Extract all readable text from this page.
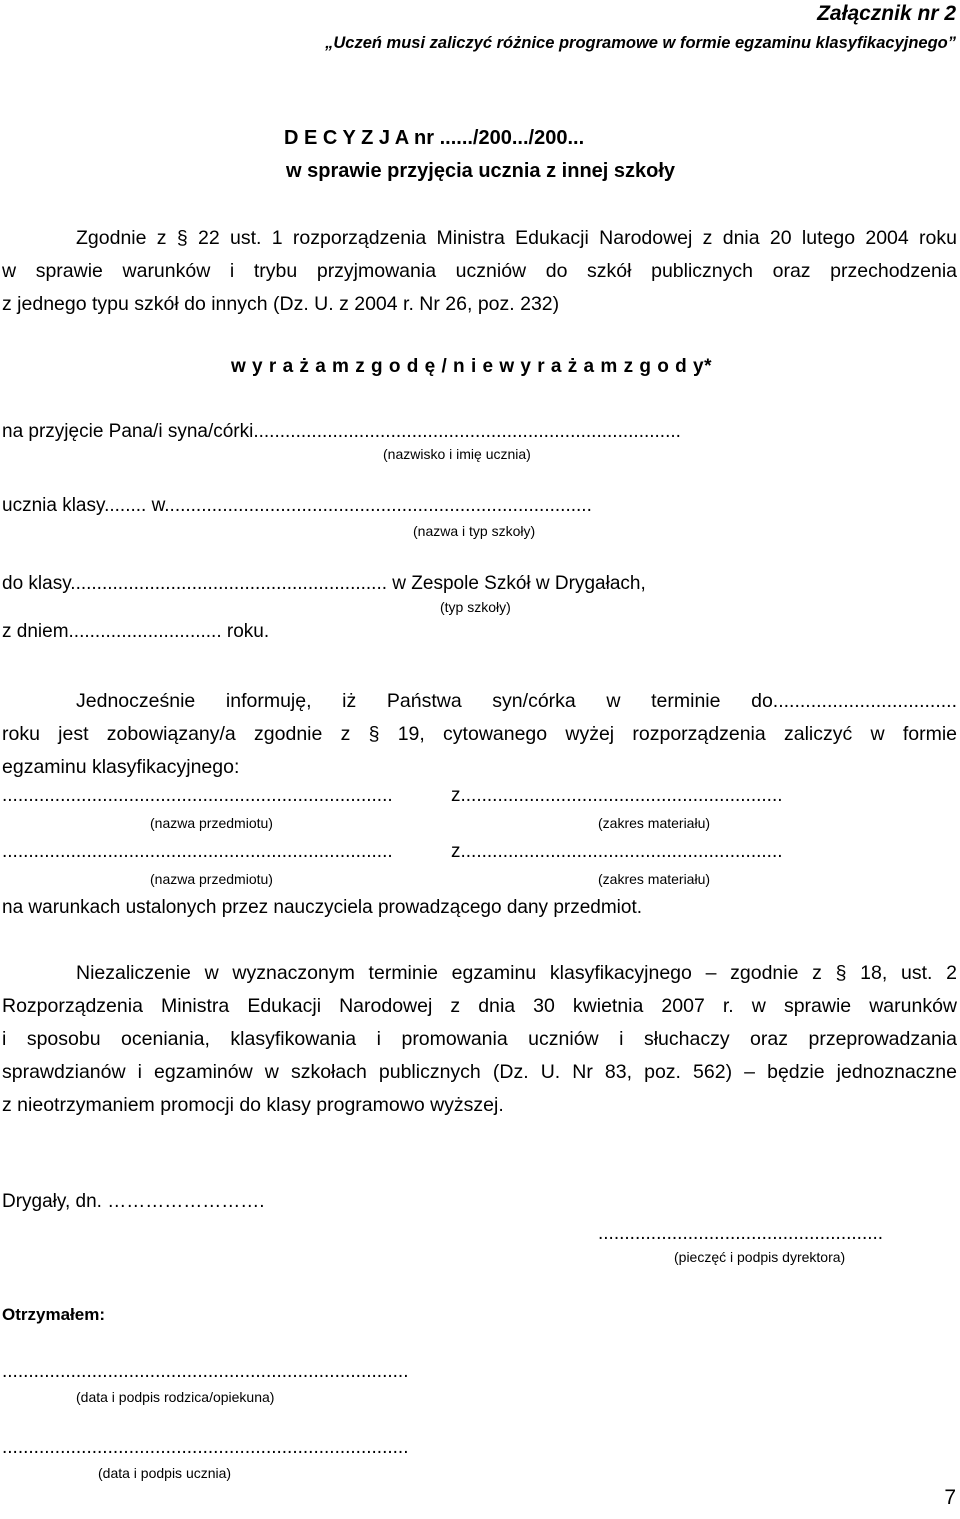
Załącznik nr 2
„Uczeń musi zaliczyć różnice programowe w formie egzaminu klasyfikacyjnego”
D E C Y Z J A nr ....../200.../200...
w sprawie przyjęcia ucznia z innej szkoły
Zgodnie z § 22 ust. 1 rozporządzenia Ministra Edukacji Narodowej z dnia 20 lutego 2004 roku
w sprawie warunków i trybu przyjmowania uczniów do szkół publicznych oraz przechodzenia
z jednego typu szkół do innych (Dz. U. z 2004 r. Nr 26, poz. 232)
w y r a ż a m z g o d ę / n i e w y r a ż a m z g o d y*
na przyjęcie Pana/i syna/córki.................................................................................
(nazwisko i imię ucznia)
ucznia klasy........ w.................................................................................
(nazwa i typ szkoły)
do klasy............................................................ w Zespole Szkół w Drygałach,
(typ szkoły)
z dniem............................. roku.
Jednocześnie informuję, iż Państwa syn/córka w terminie do..................................
roku jest zobowiązany/a zgodnie z § 19, cytowanego wyżej rozporządzenia zaliczyć w formie
egzaminu klasyfikacyjnego:
..........................................................................	z.............................................................
(nazwa przedmiotu)	(zakres materiału)
..........................................................................	z.............................................................
(nazwa przedmiotu)	(zakres materiału)
na warunkach ustalonych przez nauczyciela prowadzącego dany przedmiot.
Niezaliczenie w wyznaczonym terminie egzaminu klasyfikacyjnego – zgodnie z § 18, ust. 2
Rozporządzenia Ministra Edukacji Narodowej z dnia 30 kwietnia 2007 r. w sprawie warunków
i sposobu oceniania, klasyfikowania i promowania uczniów i słuchaczy oraz przeprowadzania
sprawdzianów i egzaminów w szkołach publicznych (Dz. U. Nr 83, poz. 562) – będzie jednoznaczne
z nieotrzymaniem promocji do klasy programowo wyższej.
Drygały, dn. …………………….
......................................................
(pieczęć i podpis dyrektora)
Otrzymałem:
.............................................................................
(data i podpis rodzica/opiekuna)
.............................................................................
(data i podpis ucznia)
7
